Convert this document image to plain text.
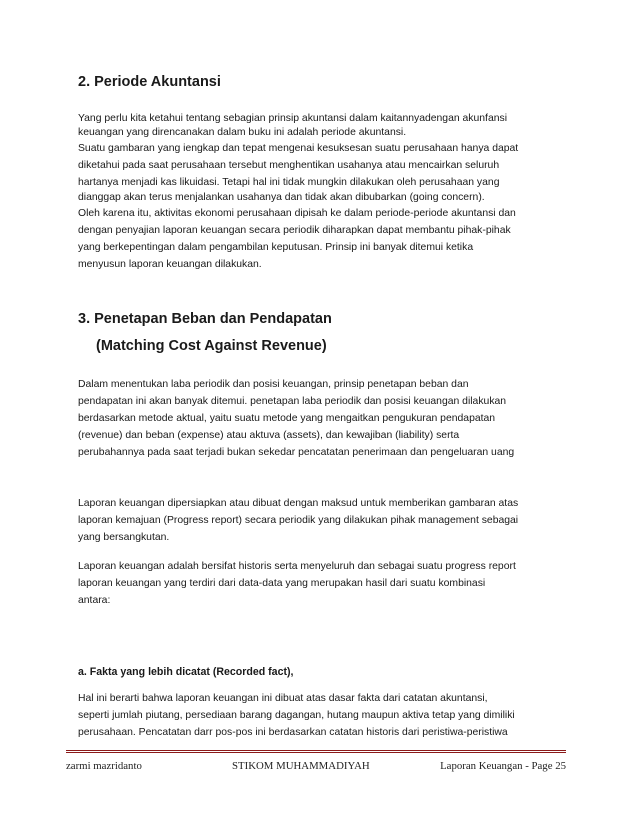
2. Periode Akuntansi
Yang perlu kita ketahui tentang sebagian prinsip akuntansi dalam kaitannyadengan akunfansi
keuangan yang direncanakan dalam buku ini adalah periode akuntansi.
Suatu gambaran yang iengkap dan tepat mengenai kesuksesan suatu perusahaan hanya dapat
diketahui pada saat perusahaan tersebut menghentikan usahanya atau mencairkan seluruh
hartanya menjadi kas likuidasi. Tetapi hal ini tidak mungkin dilakukan oleh perusahaan yang
dianggap akan terus menjalankan usahanya dan tidak akan dibubarkan (going concern).
Oleh karena itu, aktivitas ekonomi perusahaan dipisah ke dalam periode-periode akuntansi dan
dengan penyajian laporan keuangan secara periodik diharapkan dapat membantu pihak-pihak
yang berkepentingan dalam pengambilan keputusan. Prinsip ini banyak ditemui ketika
menyusun laporan keuangan dilakukan.
3. Penetapan Beban dan Pendapatan
(Matching Cost Against Revenue)
Dalam menentukan laba periodik dan posisi keuangan, prinsip penetapan beban dan
pendapatan ini akan banyak ditemui. penetapan laba periodik dan posisi keuangan dilakukan
berdasarkan metode aktual, yaitu suatu metode yang mengaitkan pengukuran pendapatan
(revenue) dan beban (expense) atau aktuva (assets), dan kewajiban (liability) serta
perubahannya pada saat terjadi bukan sekedar pencatatan penerimaan dan pengeluaran uang
Laporan keuangan dipersiapkan atau dibuat dengan maksud untuk memberikan gambaran atas
laporan kemajuan (Progress report) secara periodik yang dilakukan pihak management sebagai
yang bersangkutan.
Laporan keuangan adalah bersifat historis serta menyeluruh dan sebagai suatu progress report
laporan keuangan yang terdiri dari data-data yang merupakan hasil dari suatu kombinasi
antara:
a. Fakta yang lebih dicatat (Recorded fact),
Hal ini berarti bahwa laporan keuangan ini dibuat atas dasar fakta dari catatan akuntansi,
seperti jumlah piutang, persediaan barang dagangan, hutang maupun aktiva tetap yang dimiliki
perusahaan. Pencatatan darr pos-pos ini berdasarkan catatan historis dari peristiwa-peristiwa
zarmi mazridanto	STIKOM MUHAMMADIYAH	Laporan Keuangan - Page 25
